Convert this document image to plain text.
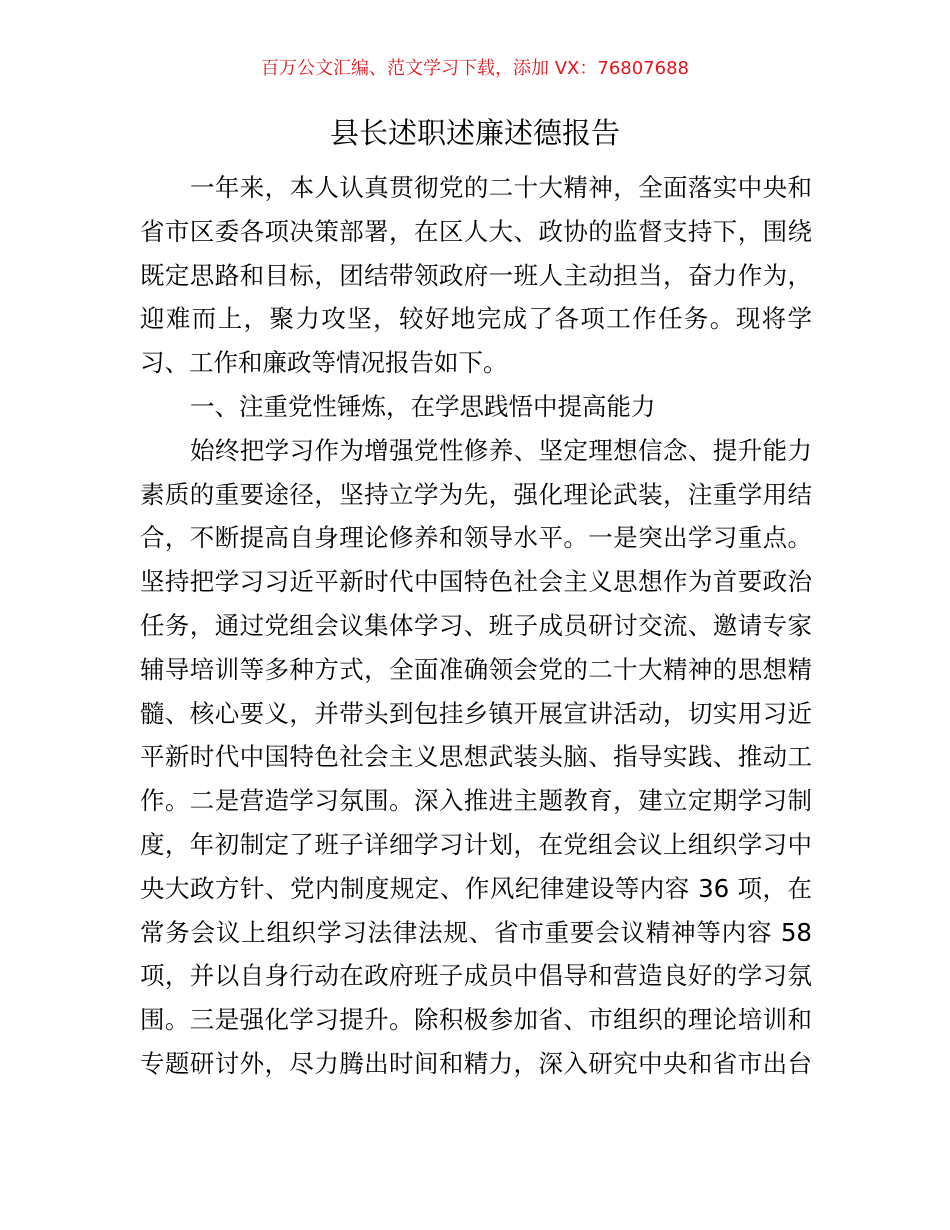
百万公文汇编、范文学习下载，添加 VX：76807688
县长述职述廉述德报告
一年来，本人认真贯彻党的二十大精神，全面落实中央和
省市区委各项决策部署，在区人大、政协的监督支持下，围绕
既定思路和目标，团结带领政府一班人主动担当，奋力作为，
迎难而上，聚力攻坚，较好地完成了各项工作任务。现将学
习、工作和廉政等情况报告如下。
一、注重党性锤炼，在学思践悟中提高能力
始终把学习作为增强党性修养、坚定理想信念、提升能力
素质的重要途径，坚持立学为先，强化理论武装，注重学用结
合，不断提高自身理论修养和领导水平。一是突出学习重点。
坚持把学习习近平新时代中国特色社会主义思想作为首要政治
任务，通过党组会议集体学习、班子成员研讨交流、邀请专家
辅导培训等多种方式，全面准确领会党的二十大精神的思想精
髓、核心要义，并带头到包挂乡镇开展宣讲活动，切实用习近
平新时代中国特色社会主义思想武装头脑、指导实践、推动工
作。二是营造学习氛围。深入推进主题教育，建立定期学习制
度，年初制定了班子详细学习计划，在党组会议上组织学习中
央大政方针、党内制度规定、作风纪律建设等内容 36 项，在
常务会议上组织学习法律法规、省市重要会议精神等内容 58
项，并以自身行动在政府班子成员中倡导和营造良好的学习氛
围。三是强化学习提升。除积极参加省、市组织的理论培训和
专题研讨外，尽力腾出时间和精力，深入研究中央和省市出台
